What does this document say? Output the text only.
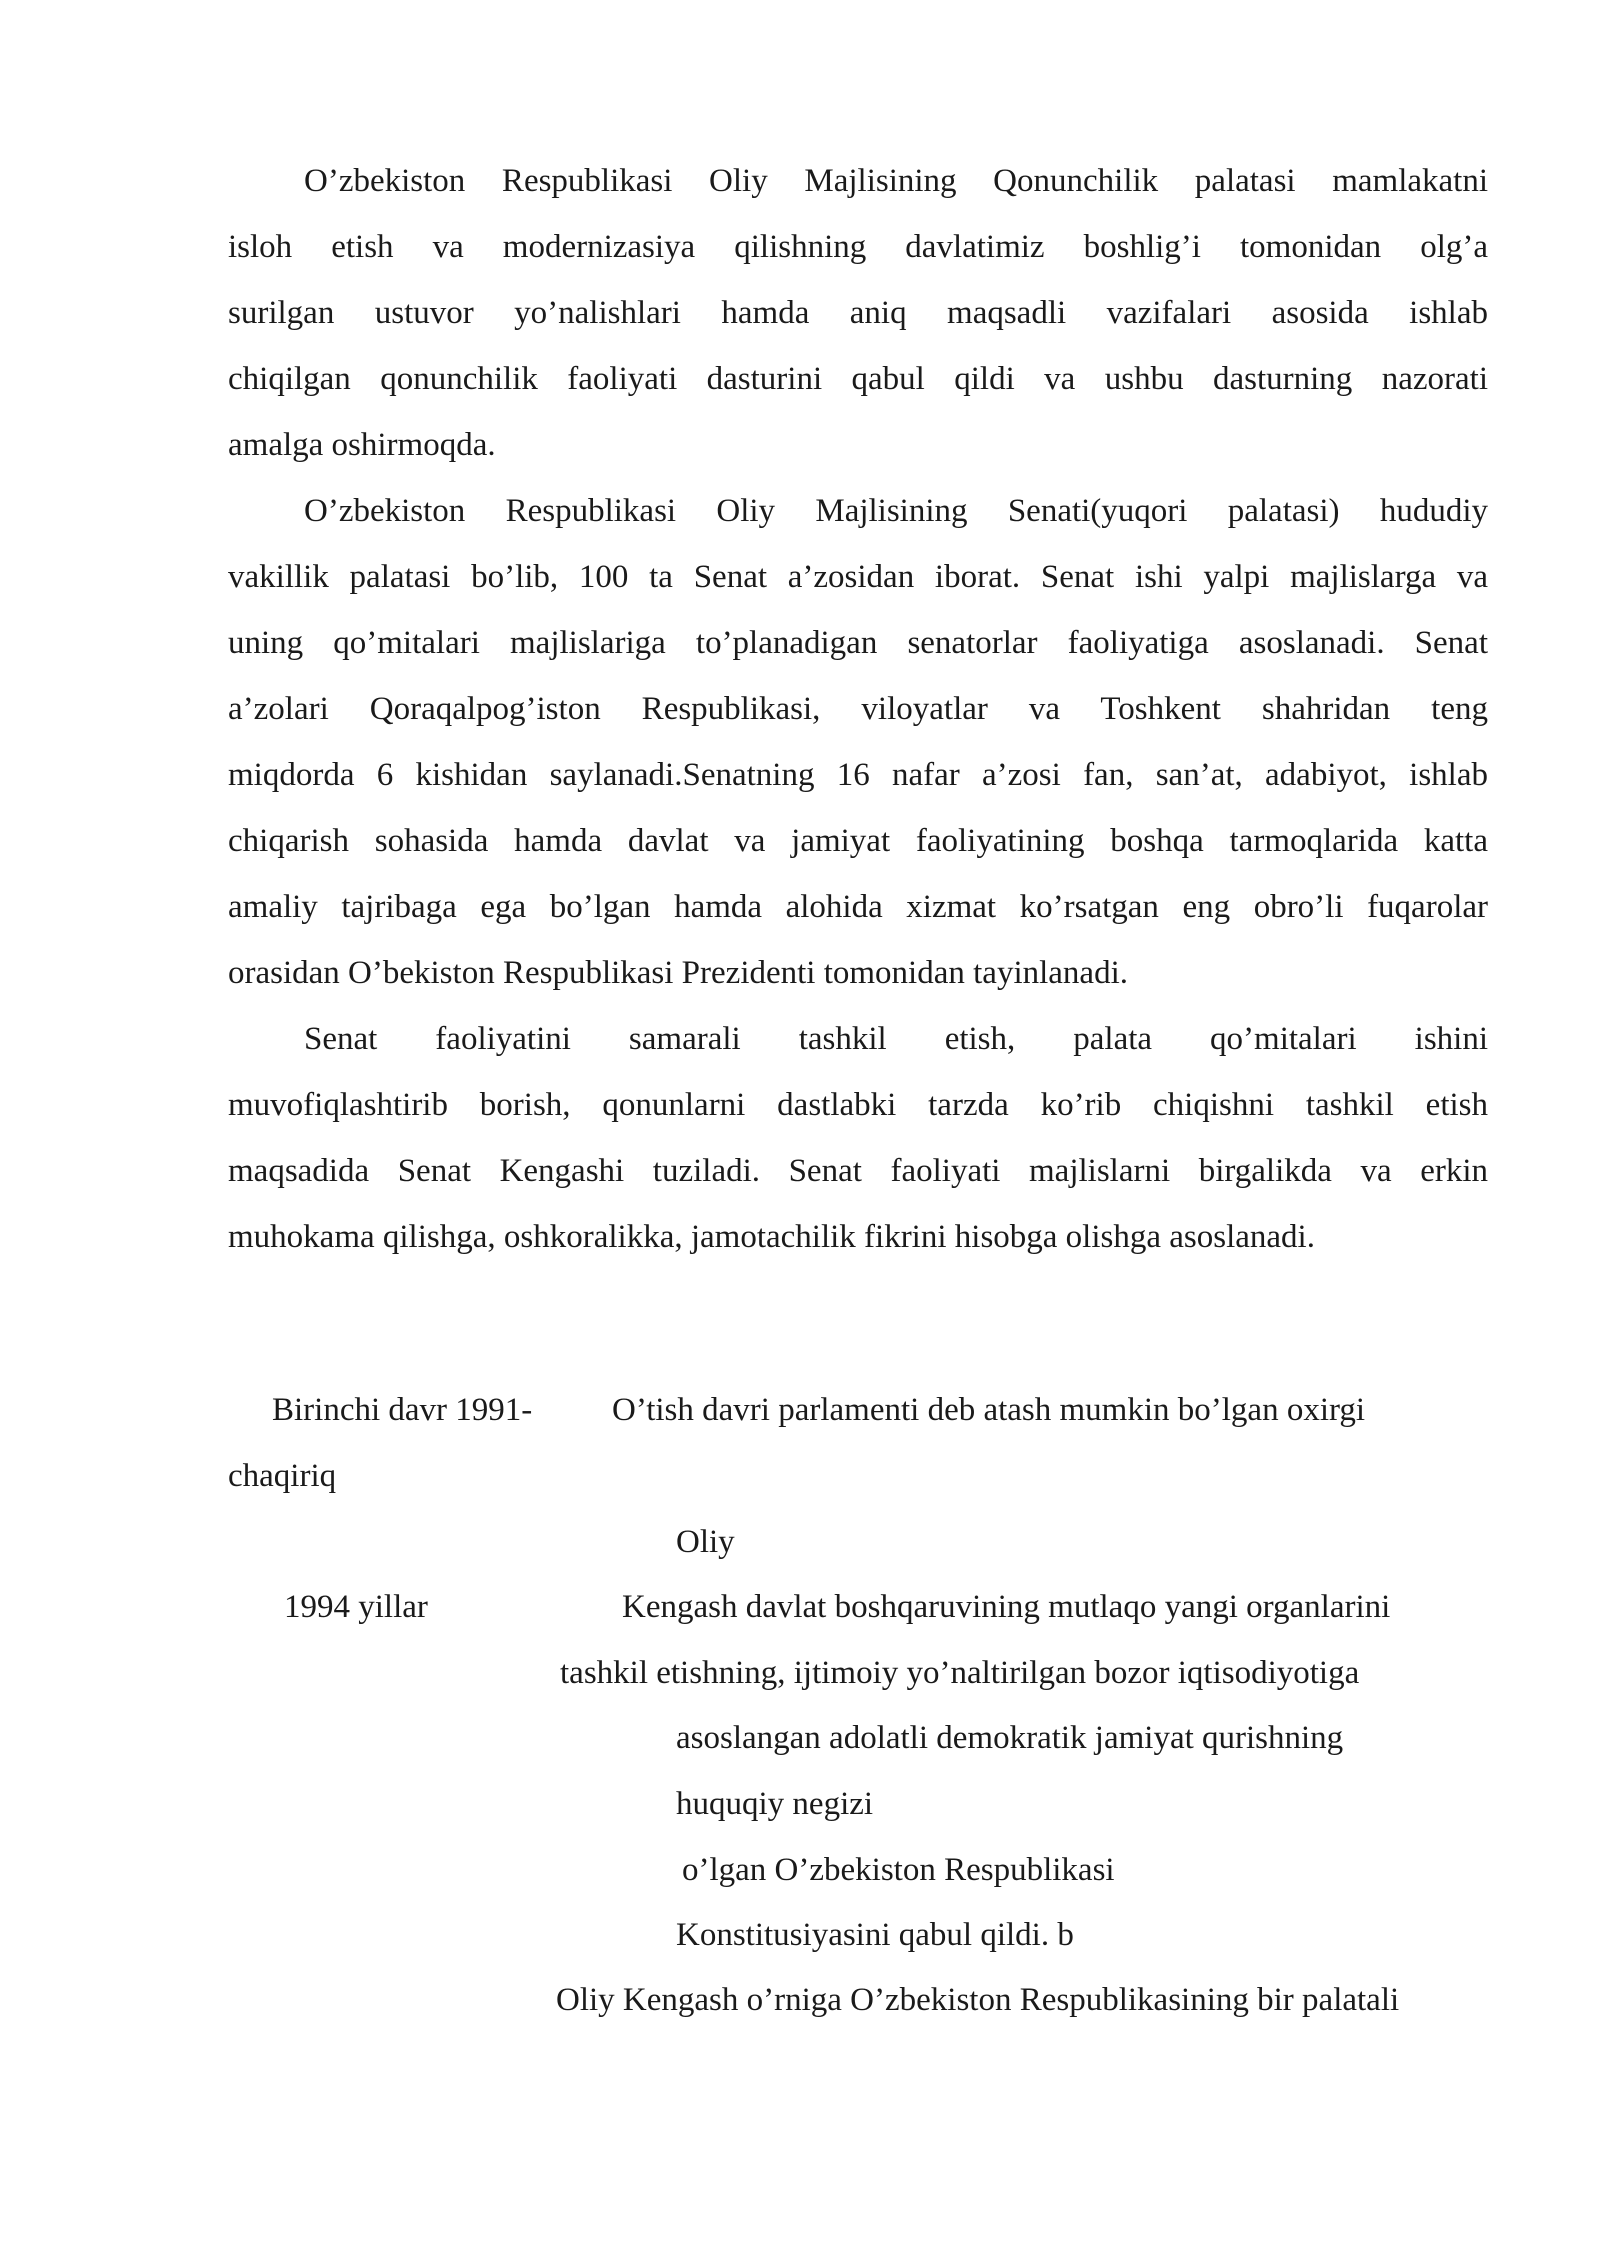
O’zbekiston Respublikasi Oliy Majlisining Qonunchilik palatasi mamlakatni
isloh etish va modernizasiya qilishning davlatimiz boshlig’i tomonidan olg’a
surilgan ustuvor yo’nalishlari hamda aniq maqsadli vazifalari asosida ishlab
chiqilgan qonunchilik faoliyati dasturini qabul qildi va ushbu dasturning nazorati
amalga oshirmoqda.
O’zbekiston Respublikasi Oliy Majlisining Senati(yuqori palatasi) hududiy
vakillik palatasi bo’lib, 100 ta Senat a’zosidan iborat. Senat ishi yalpi majlislarga va
uning qo’mitalari majlislariga to’planadigan senatorlar faoliyatiga asoslanadi. Senat
a’zolari Qoraqalpog’iston Respublikasi, viloyatlar va Toshkent shahridan teng
miqdorda 6 kishidan saylanadi.Senatning 16 nafar a’zosi fan, san’at, adabiyot, ishlab
chiqarish sohasida hamda davlat va jamiyat faoliyatining boshqa tarmoqlarida katta
amaliy tajribaga ega bo’lgan hamda alohida xizmat ko’rsatgan eng obro’li fuqarolar
orasidan O’bekiston Respublikasi Prezidenti tomonidan tayinlanadi.
Senat faoliyatini samarali tashkil etish, palata qo’mitalari ishini
muvofiqlashtirib borish, qonunlarni dastlabki tarzda ko’rib chiqishni tashkil etish
maqsadida Senat Kengashi tuziladi. Senat faoliyati majlislarni birgalikda va erkin
muhokama qilishga, oshkoralikka, jamotachilik fikrini hisobga olishga asoslanadi.
Birinchi davr 1991-
chaqiriq
1994 yillar
O’tish davri parlamenti deb atash mumkin bo’lgan oxirgi
Oliy
Kengash davlat boshqaruvining mutlaqo yangi organlarini
tashkil etishning, ijtimoiy yo’naltirilgan bozor iqtisodiyotiga
asoslangan adolatli demokratik jamiyat qurishning
huquqiy negizi
o’lgan O’zbekiston Respublikasi
Konstitusiyasini qabul qildi. b
Oliy Kengash o’rniga O’zbekiston Respublikasining bir palatali
